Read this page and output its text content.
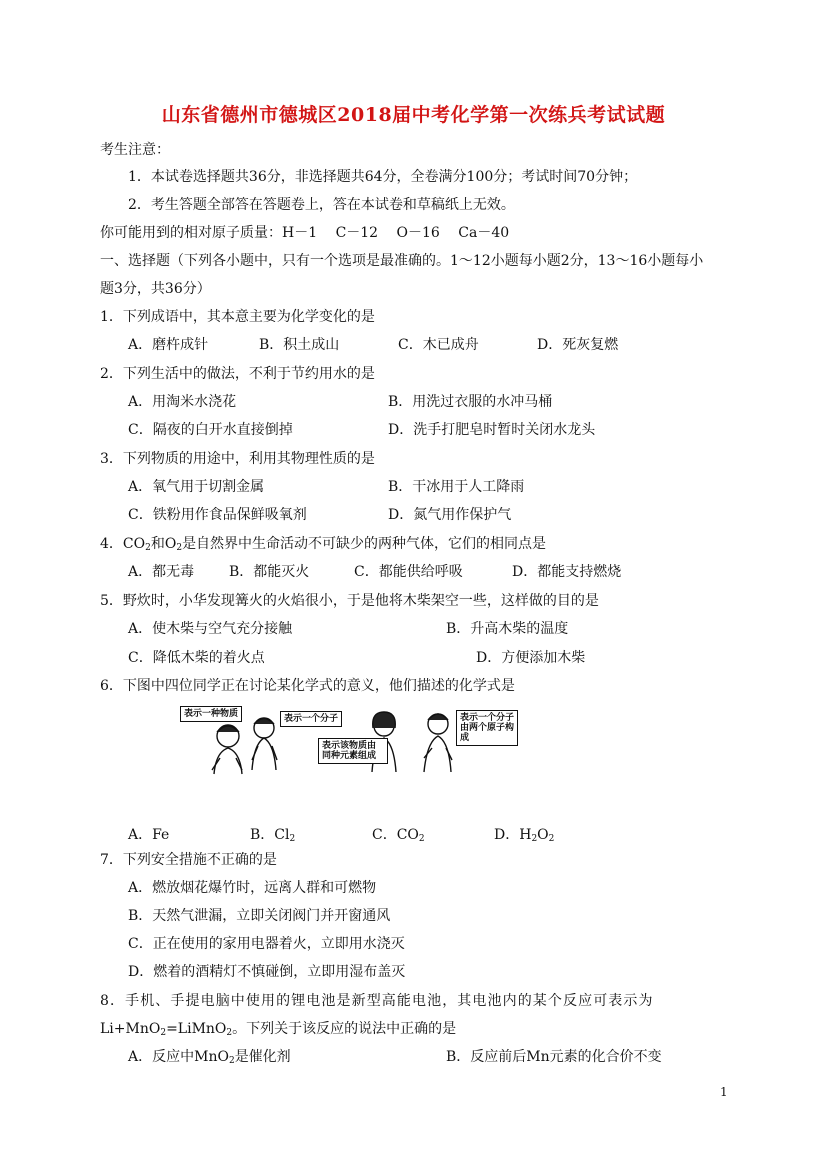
山东省德州市德城区2018届中考化学第一次练兵考试试题
考生注意：
1．本试卷选择题共36分，非选择题共64分，全卷满分100分；考试时间70分钟；
2．考生答题全部答在答题卷上，答在本试卷和草稿纸上无效。
你可能用到的相对原子质量：H－1　 C－12　 O－16　 Ca－40
一、选择题（下列各小题中，只有一个选项是最准确的。1～12小题每小题2分，13～16小题每小
题3分，共36分）
1．下列成语中，其本意主要为化学变化的是
A．磨杵成针	B．积土成山	C．木已成舟	D．死灰复燃
2．下列生活中的做法，不利于节约用水的是
A．用淘米水浇花	B．用洗过衣服的水冲马桶
C．隔夜的白开水直接倒掉	D．洗手打肥皂时暂时关闭水龙头
3．下列物质的用途中，利用其物理性质的是
A．氧气用于切割金属	B．干冰用于人工降雨
C．铁粉用作食品保鲜吸氧剂	D．氮气用作保护气
4．$CO_2$和$O_2$是自然界中生命活动不可缺少的两种气体，它们的相同点是
A．都无毒 B．都能灭火	C．都能供给呼吸	D．都能支持燃烧
5．野炊时，小华发现篝火的火焰很小，于是他将木柴架空一些，这样做的目的是
A．使木柴与空气充分接触	B．升高木柴的温度
C．降低木柴的着火点	D．方便添加木柴
6．下图中四位同学正在讨论某化学式的意义，他们描述的化学式是
表示一种物质	表示一个分子
表示该物质由同种元素组成
表示一个分子由两个原子构成
A．Fe	B．$Cl_2$	C．$CO_2$	D．$H_2O_2$
7．下列安全措施不正确的是
A．燃放烟花爆竹时，远离人群和可燃物
B．天然气泄漏，立即关闭阀门并开窗通风
C．正在使用的家用电器着火，立即用水浇灭
D．燃着的酒精灯不慎碰倒，立即用湿布盖灭
8．手机、手提电脑中使用的锂电池是新型高能电池，其电池内的某个反应可表示为
Li+MnO$_2$=LiMnO$_2$。下列关于该反应的说法中正确的是
A．反应中MnO$_2$是催化剂	B．反应前后Mn元素的化合价不变
1
